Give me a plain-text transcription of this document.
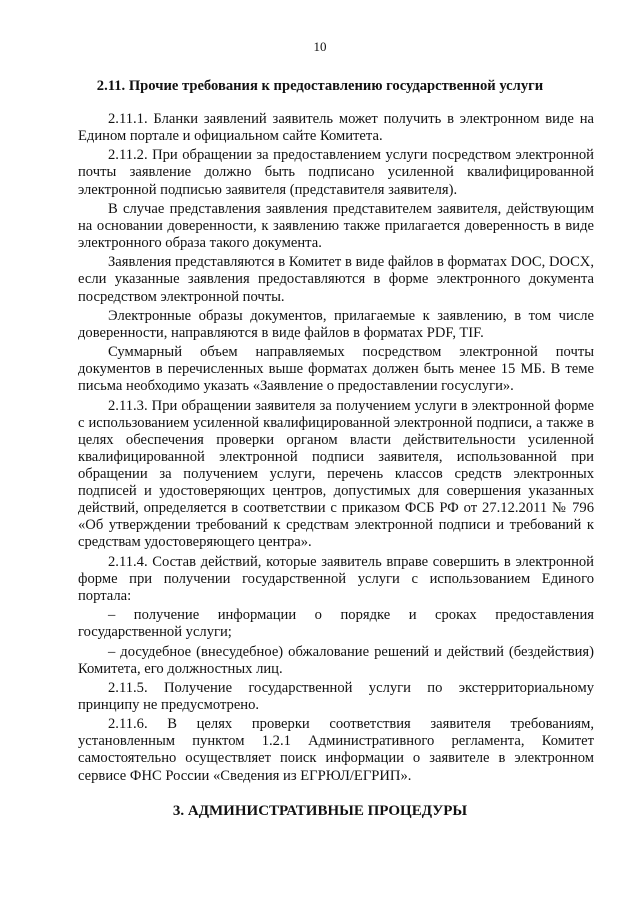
10
2.11. Прочие требования к предоставлению государственной услуги

2.11.1. Бланки заявлений заявитель может получить в электронном виде на Едином портале и официальном сайте Комитета.

2.11.2. При обращении за предоставлением услуги посредством электронной почты заявление должно быть подписано усиленной квалифицированной электронной подписью заявителя (представителя заявителя).

В случае представления заявления представителем заявителя, действующим на основании доверенности, к заявлению также прилагается доверенность в виде электронного образа такого документа.

Заявления представляются в Комитет в виде файлов в форматах DOC, DOCX, если указанные заявления предоставляются в форме электронного документа посредством электронной почты.

Электронные образы документов, прилагаемые к заявлению, в том числе доверенности, направляются в виде файлов в форматах PDF, TIF.

Суммарный объем направляемых посредством электронной почты документов в перечисленных выше форматах должен быть менее 15 МБ. В теме письма необходимо указать «Заявление о предоставлении госуслуги».

2.11.3. При обращении заявителя за получением услуги в электронной форме с использованием усиленной квалифицированной электронной подписи, а также в целях обеспечения проверки органом власти действительности усиленной квалифицированной электронной подписи заявителя, использованной при обращении за получением услуги, перечень классов средств электронных подписей и удостоверяющих центров, допустимых для совершения указанных действий, определяется в соответствии с приказом ФСБ РФ от 27.12.2011 № 796 «Об утверждении требований к средствам электронной подписи и требований к средствам удостоверяющего центра».

2.11.4. Состав действий, которые заявитель вправе совершить в электронной форме при получении государственной услуги с использованием Единого портала:

– получение информации о порядке и сроках предоставления государственной услуги;

– досудебное (внесудебное) обжалование решений и действий (бездействия) Комитета, его должностных лиц.

2.11.5. Получение государственной услуги по экстерриториальному принципу не предусмотрено.

2.11.6. В целях проверки соответствия заявителя требованиям, установленным пунктом 1.2.1 Административного регламента, Комитет самостоятельно осуществляет поиск информации о заявителе в электронном сервисе ФНС России «Сведения из ЕГРЮЛ/ЕГРИП».

3. АДМИНИСТРАТИВНЫЕ ПРОЦЕДУРЫ
